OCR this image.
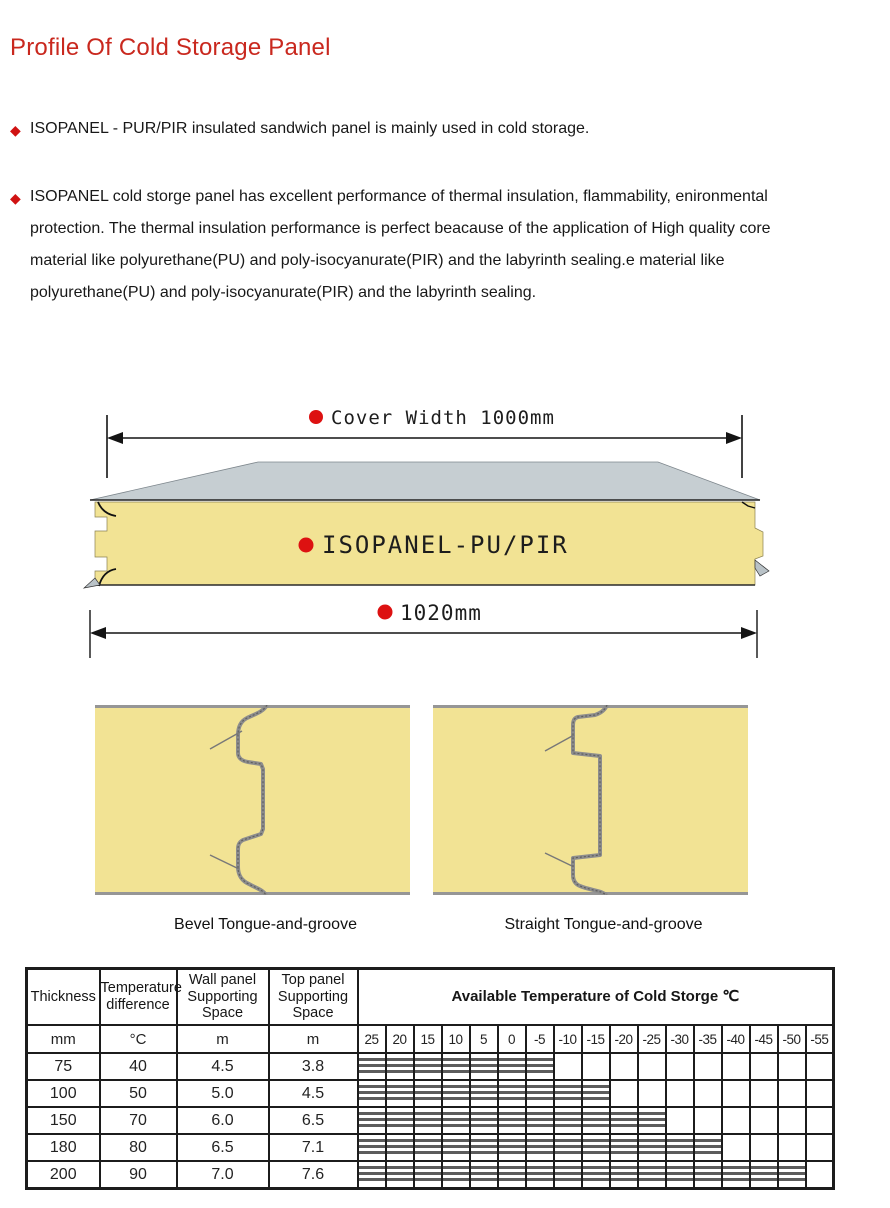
Profile Of Cold Storage Panel
◆ ISOPANEL - PUR/PIR insulated sandwich panel is mainly used in cold storage.
◆ ISOPANEL cold storge panel has excellent performance of thermal insulation, flammability, enironmental protection. The thermal insulation performance is perfect beacause of the application of High quality core material like polyurethane(PU) and poly-isocyanurate(PIR) and the labyrinth sealing.e material like polyurethane(PU) and poly-isocyanurate(PIR) and the labyrinth sealing.
Cover Width 1000mm
ISOPANEL-PU/PIR
1020mm
Bevel Tongue-and-groove	Straight Tongue-and-groove
Thickness	Temperature difference	Wall panel Supporting Space	Top panel Supporting Space	Available Temperature of Cold Storge ℃																
mm	°C	m	m	25	20	15	10	5	0	-5	-10	-15	-20	-25	-30	-35	-40	-45	-50	-55
75	40	4.5	3.8																	
100	50	5.0	4.5																	
150	70	6.0	6.5																	
180	80	6.5	7.1																	
200	90	7.0	7.6																	
